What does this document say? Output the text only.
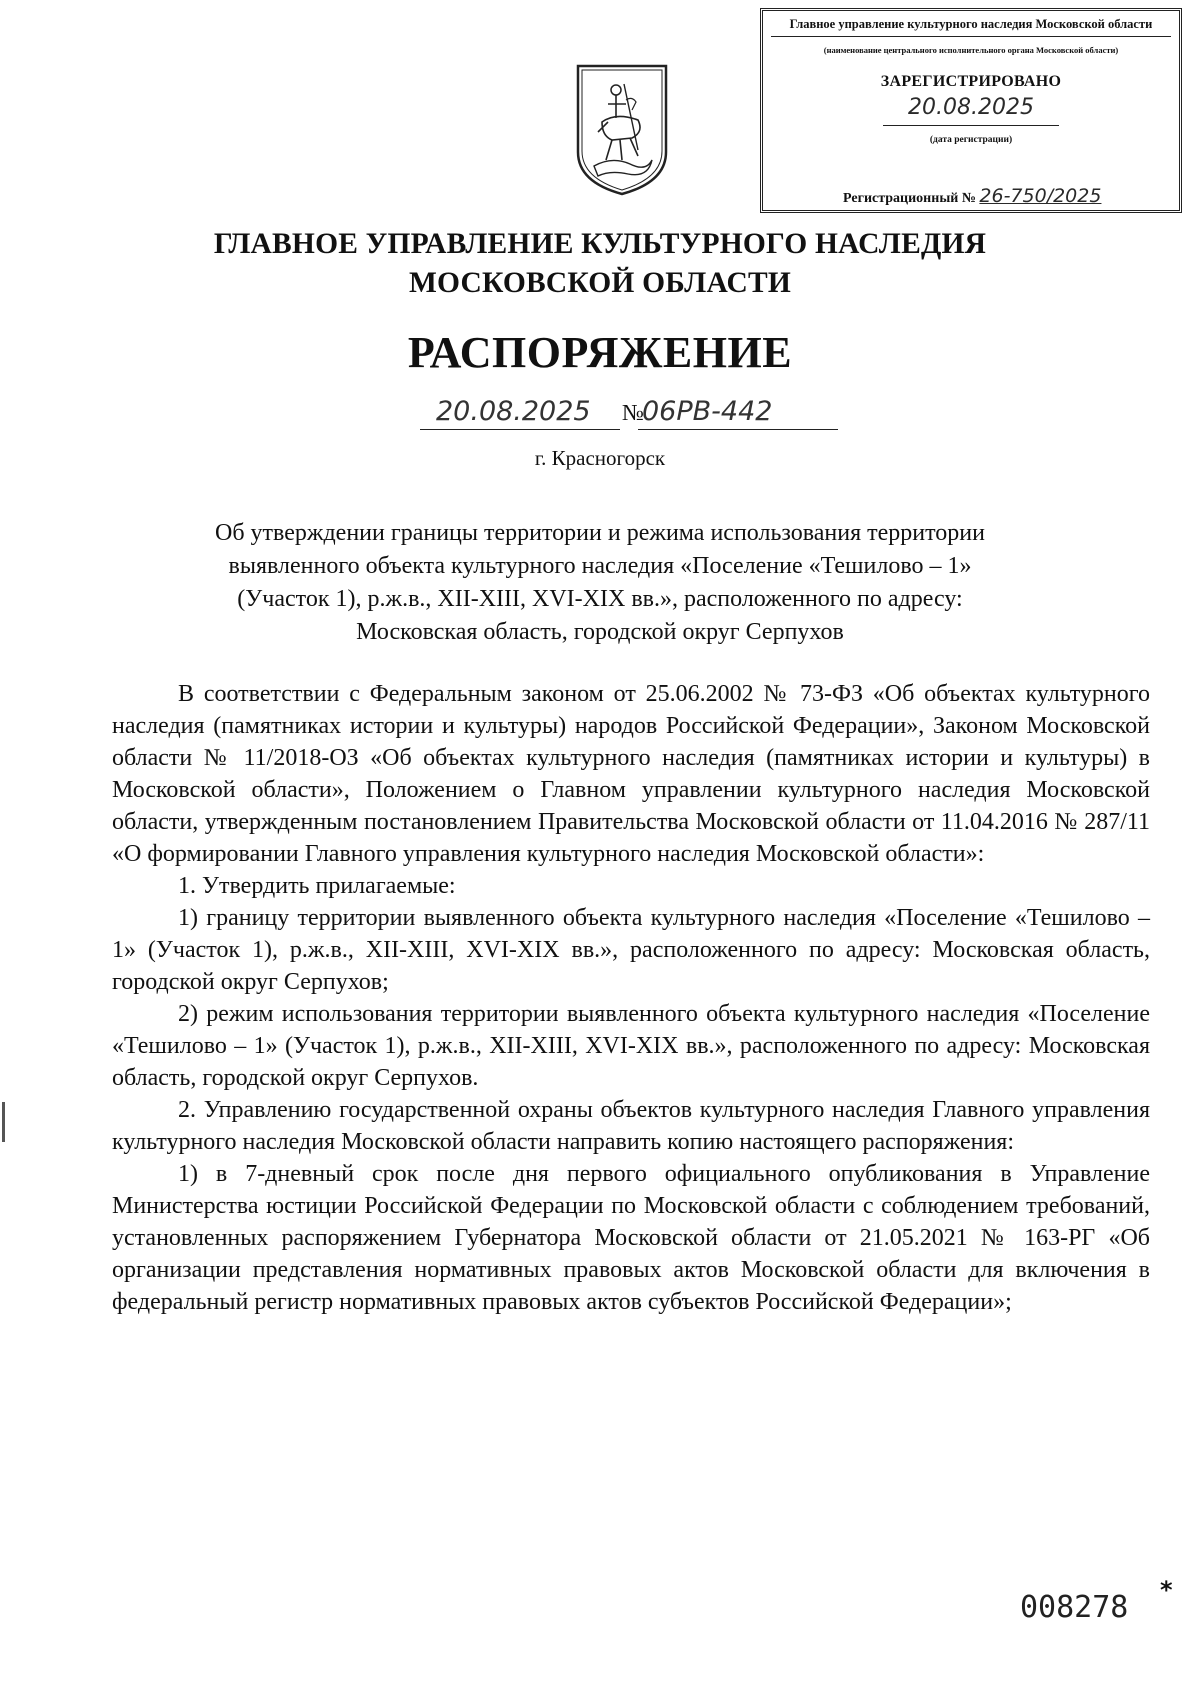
Главное управление культурного наследия Московской области
(наименование центрального исполнительного органа Московской области)
ЗАРЕГИСТРИРОВАНО
20.08.2025
(дата регистрации)
Регистрационный № 26-750/2025
ГЛАВНОЕ УПРАВЛЕНИЕ КУЛЬТУРНОГО НАСЛЕДИЯ
МОСКОВСКОЙ ОБЛАСТИ
РАСПОРЯЖЕНИЕ
20.08.2025 №
06РВ-442
г. Красногорск
Об утверждении границы территории и режима использования территории
выявленного объекта культурного наследия «Поселение «Тешилово – 1»
(Участок 1), р.ж.в., XII-XIII, XVI-XIX вв.», расположенного по адресу:
Московская область, городской округ Серпухов

В соответствии с Федеральным законом от 25.06.2002 № 73-ФЗ «Об объектах культурного наследия (памятниках истории и культуры) народов Российской Федерации», Законом Московской области № 11/2018-ОЗ «Об объектах культурного наследия (памятниках истории и культуры) в Московской области», Положением о Главном управлении культурного наследия Московской области, утвержденным постановлением Правительства Московской области от 11.04.2016 № 287/11 «О формировании Главного управления культурного наследия Московской области»:

1. Утвердить прилагаемые:

1) границу территории выявленного объекта культурного наследия «Поселение «Тешилово – 1» (Участок 1), р.ж.в., XII-XIII, XVI-XIX вв.», расположенного по адресу: Московская область, городской округ Серпухов;

2) режим использования территории выявленного объекта культурного наследия «Поселение «Тешилово – 1» (Участок 1), р.ж.в., XII-XIII, XVI-XIX вв.», расположенного по адресу: Московская область, городской округ Серпухов.

2. Управлению государственной охраны объектов культурного наследия Главного управления культурного наследия Московской области направить копию настоящего распоряжения:

1) в 7-дневный срок после дня первого официального опубликования в Управление Министерства юстиции Российской Федерации по Московской области с соблюдением требований, установленных распоряжением Губернатора Московской области от 21.05.2021 № 163-РГ «Об организации представления нормативных правовых актов Московской области для включения в федеральный регистр нормативных правовых актов субъектов Российской Федерации»;

008278 *
